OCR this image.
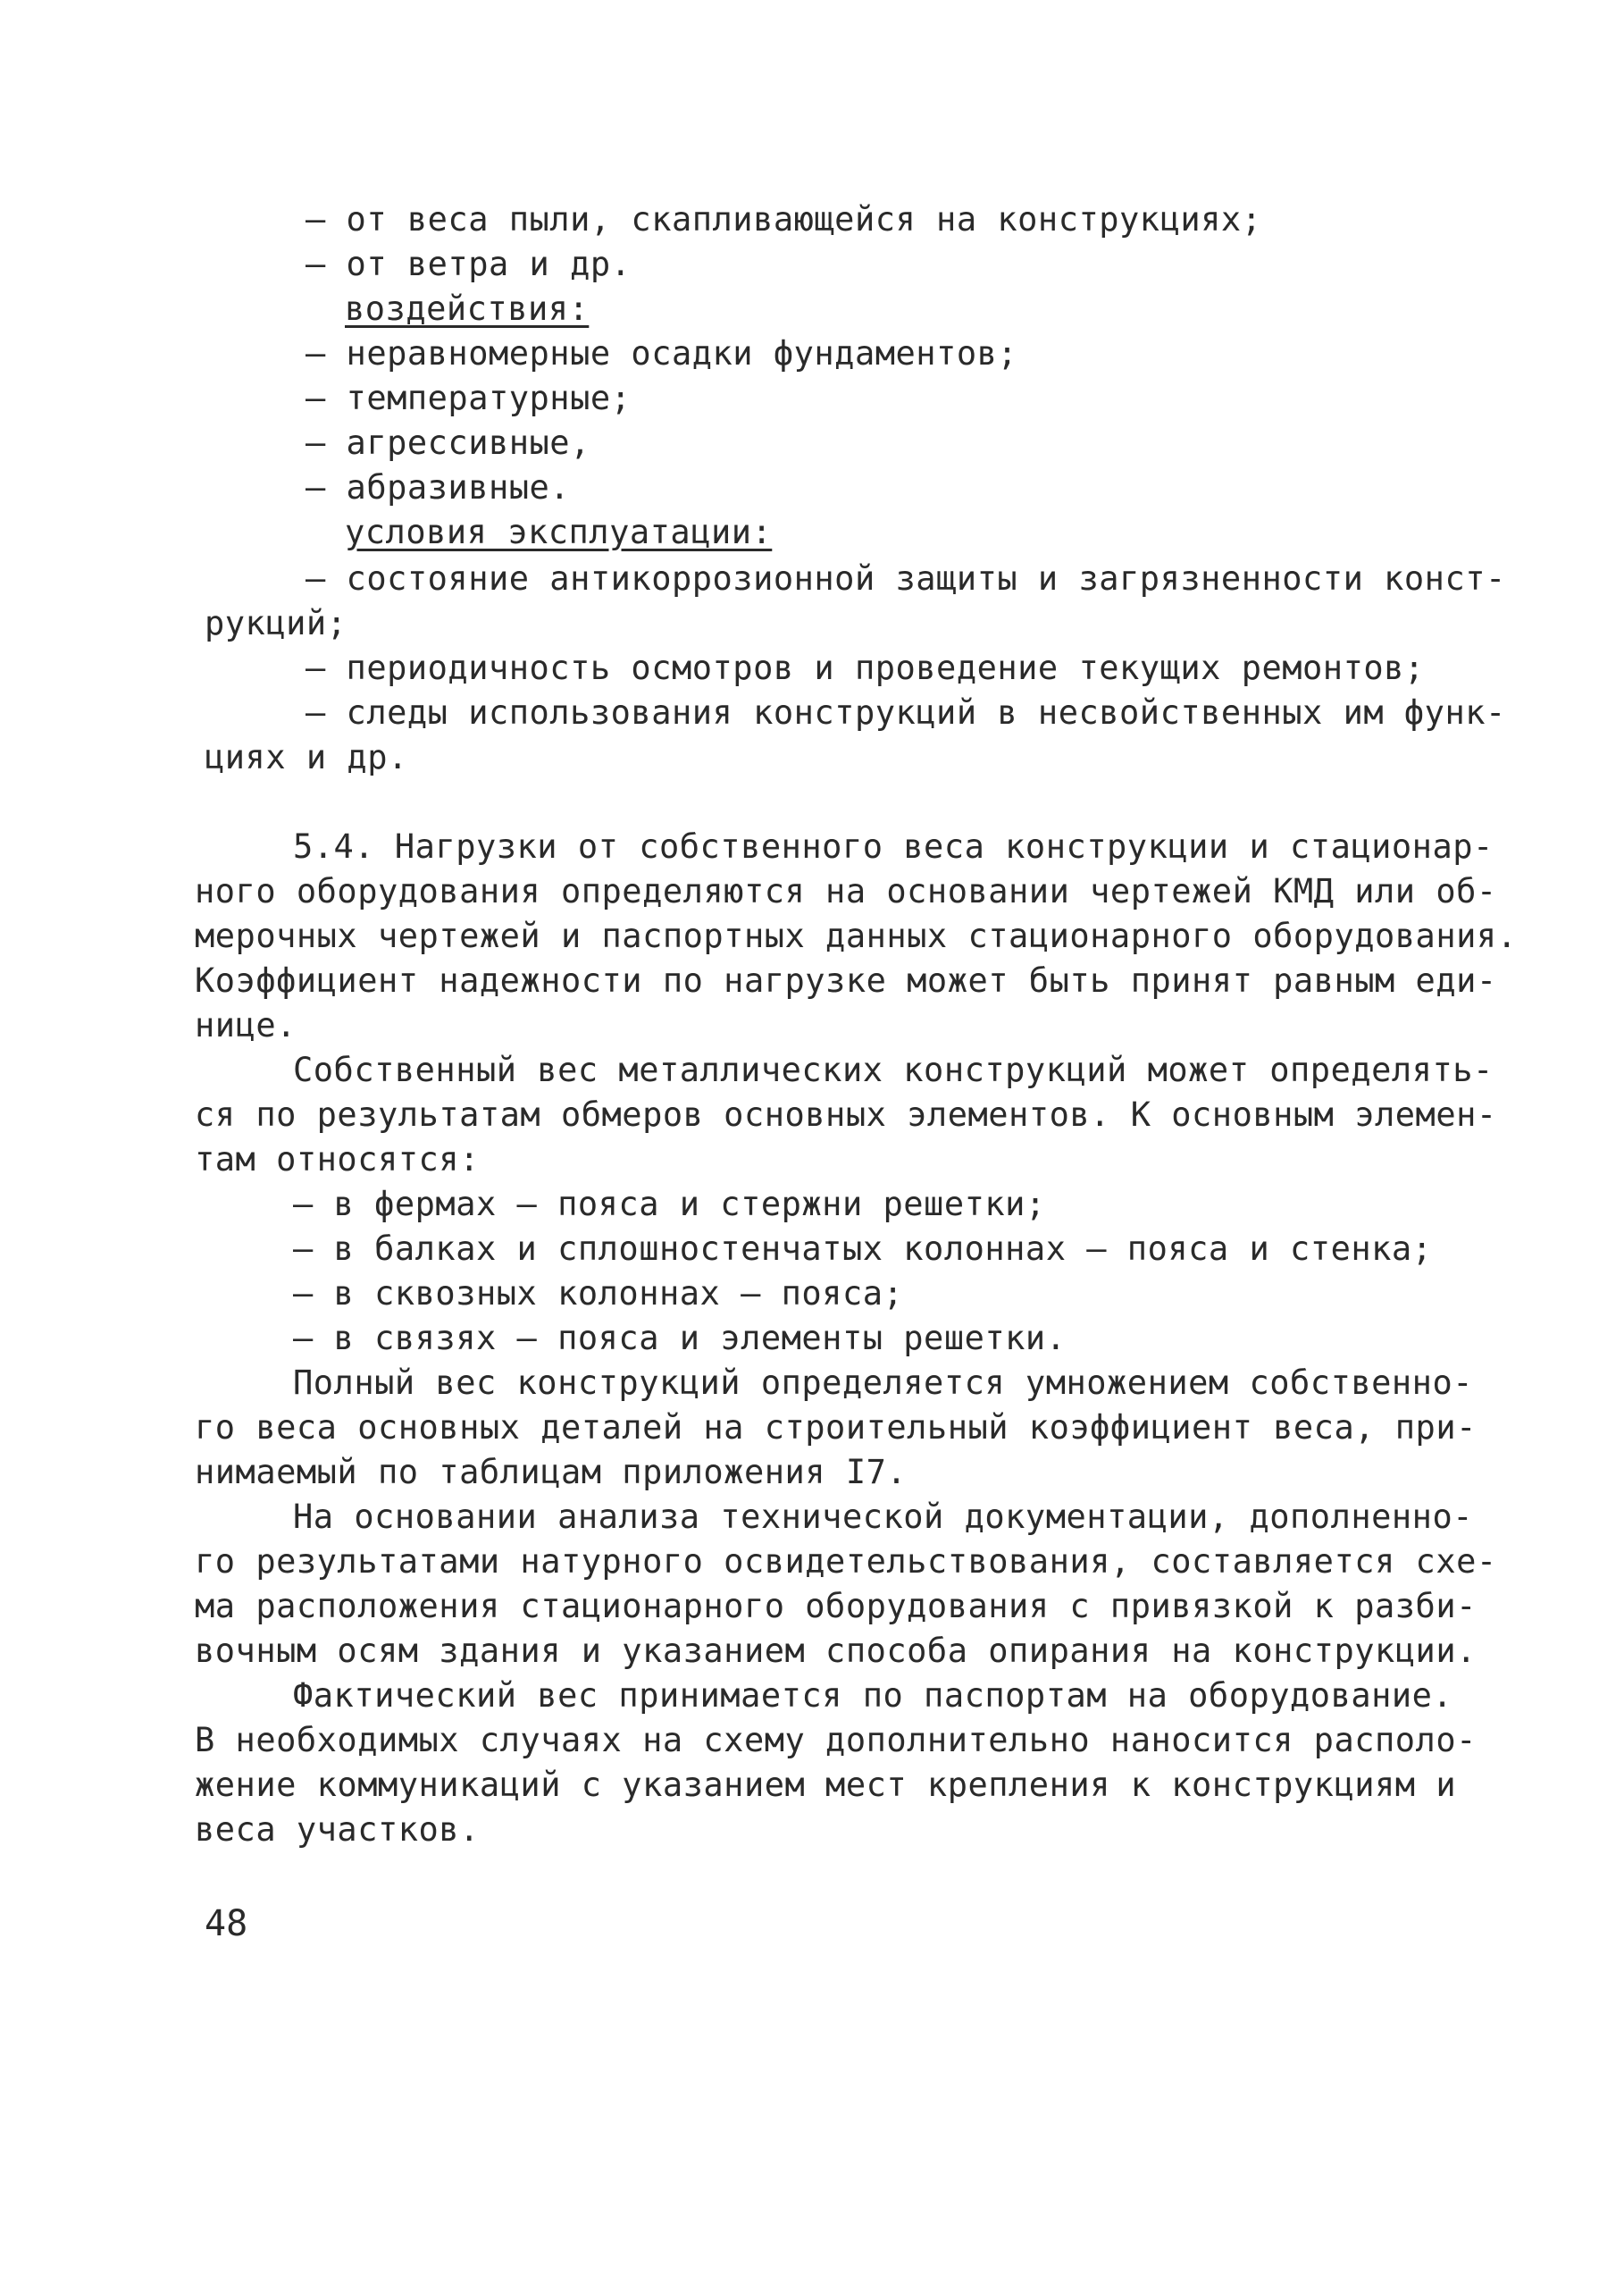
– от веса пыли, скапливающейся на конструкциях;
– от ветра и др.
воздействия:
– неравномерные осадки фундаментов;
– температурные;
– агрессивные,
– абразивные.
условия эксплуатации:
– состояние антикоррозионной защиты и загрязненности конст-
рукций;
– периодичность осмотров и проведение текущих ремонтов;
– следы использования конструкций в несвойственных им функ-
циях и др.
5.4. Нагрузки от собственного веса конструкции и стационар-
ного оборудования определяются на основании чертежей КМД или об-
мерочных чертежей и паспортных данных стационарного оборудования.
Коэффициент надежности по нагрузке может быть принят равным еди-
нице.
Собственный вес металлических конструкций может определять-
ся по результатам обмеров основных элементов. К основным элемен-
там относятся:
– в фермах – пояса и стержни решетки;
– в балках и сплошностенчатых колоннах – пояса и стенка;
– в сквозных колоннах – пояса;
– в связях – пояса и элементы решетки.
Полный вес конструкций определяется умножением собственно-
го веса основных деталей на строительный коэффициент веса, при-
нимаемый по таблицам приложения I7.
На основании анализа технической документации, дополненно-
го результатами натурного освидетельствования, составляется схе-
ма расположения стационарного оборудования с привязкой к разби-
вочным осям здания и указанием способа опирания на конструкции.
Фактический вес принимается по паспортам на оборудование.
В необходимых случаях на схему дополнительно наносится располо-
жение коммуникаций с указанием мест крепления к конструкциям и
веса участков.
48
